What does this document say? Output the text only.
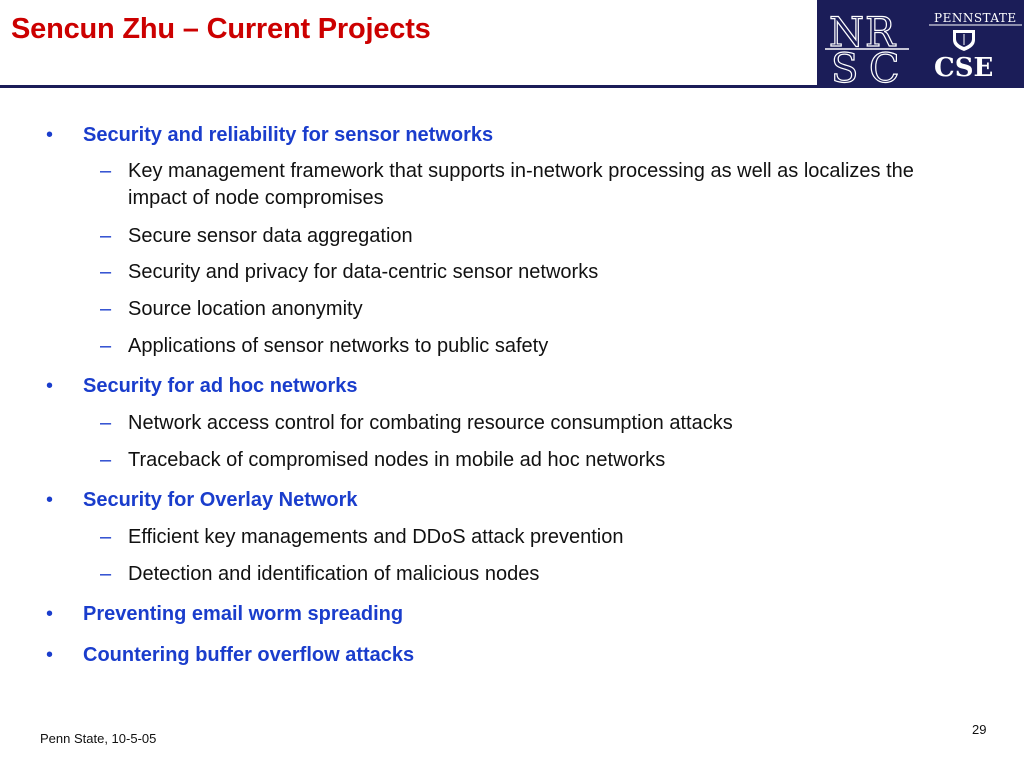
Sencun Zhu – Current Projects	N R
S C
PENNSTATE
CSE
• Security and reliability for sensor networks
– Key management framework that supports in-network processing as well as localizes the impact of node compromises
– Secure sensor data aggregation
– Security and privacy for data-centric sensor networks
– Source location anonymity
– Applications of sensor networks to public safety
• Security for ad hoc networks
– Network access control for combating resource consumption attacks
– Traceback of compromised nodes in mobile ad hoc networks
• Security for Overlay Network
– Efficient key managements and DDoS attack prevention
– Detection and identification of malicious nodes
• Preventing email worm spreading
• Countering buffer overflow attacks
Penn State, 10-5-05
29
